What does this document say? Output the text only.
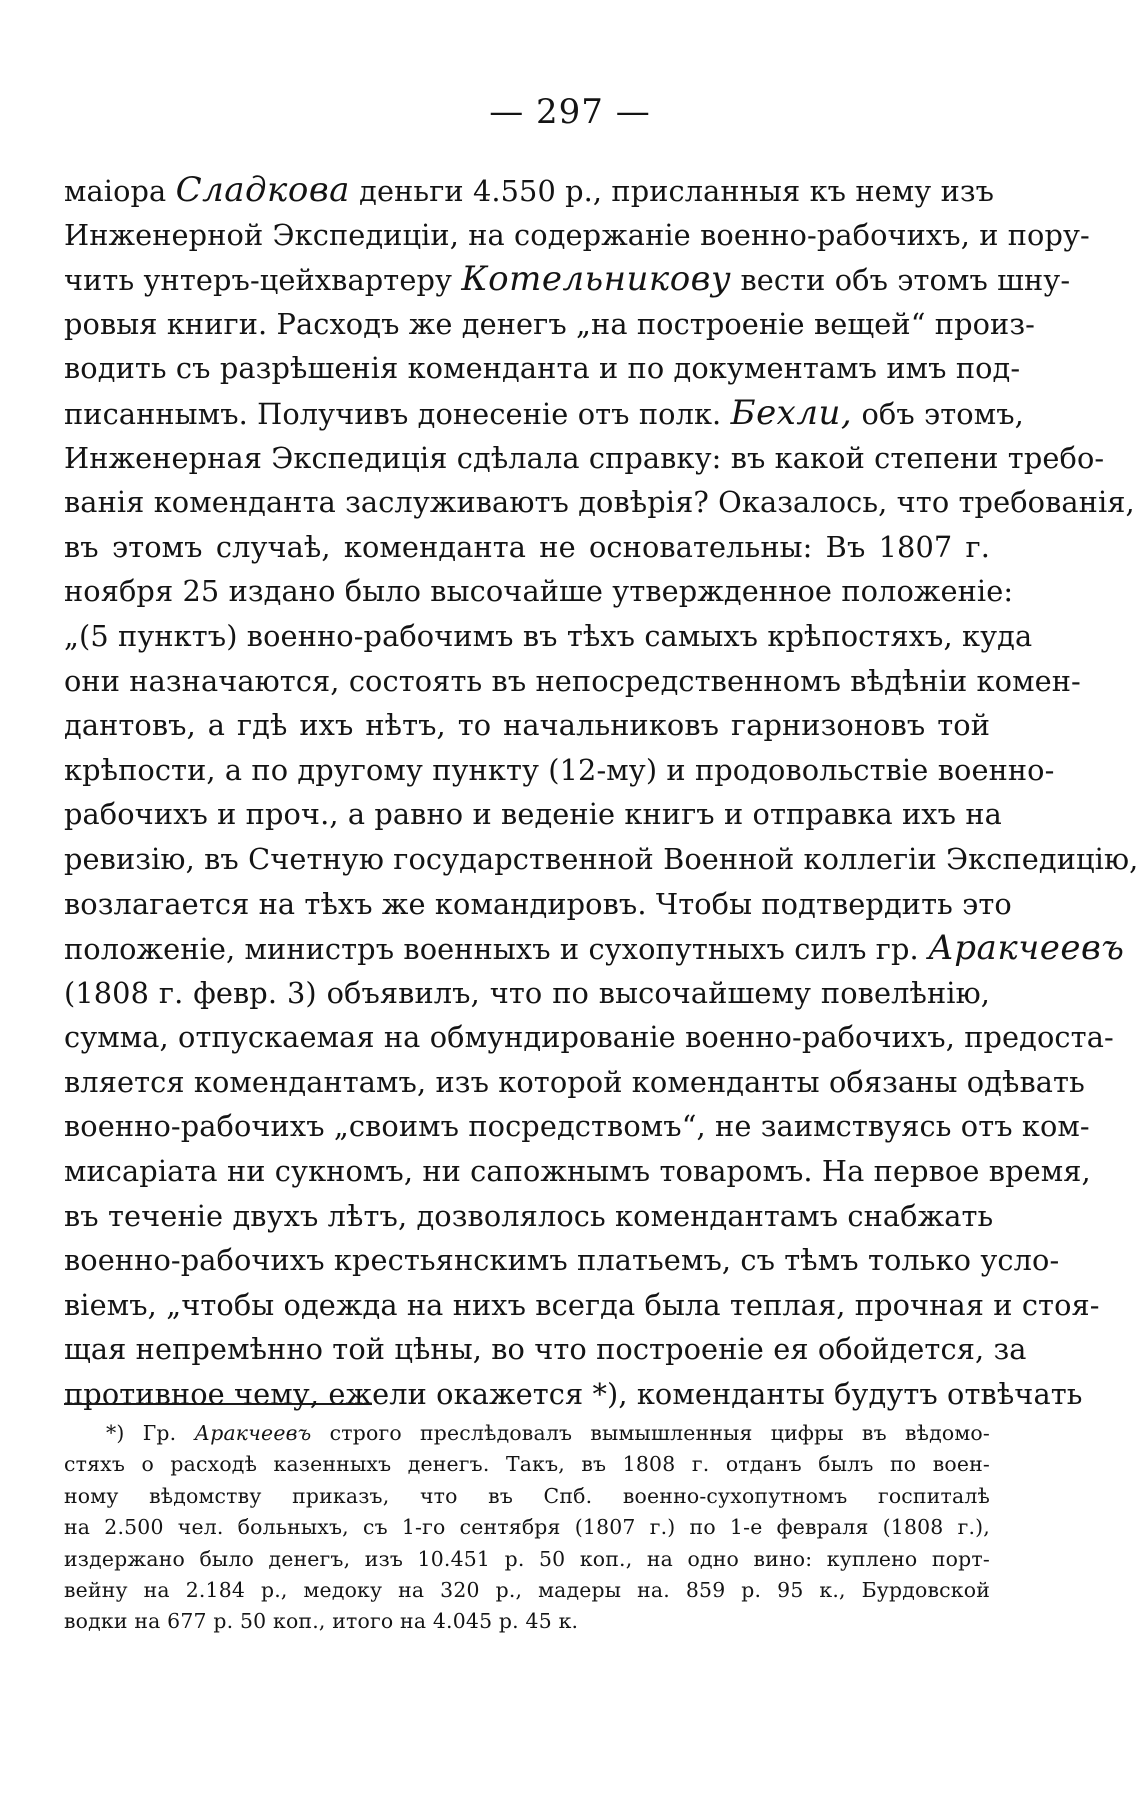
— 297 —
маіора Сладкова деньги 4.550 р., присланныя къ нему изъ
Инженерной Экспедиціи, на содержаніе военно-рабочихъ, и пору-
чить унтеръ-цейхвартеру Котельникову вести объ этомъ шну-
ровыя книги. Расходъ же денегъ „на построеніе вещей“ произ-
водить съ разрѣшенія коменданта и по документамъ имъ под-
писаннымъ. Получивъ донесеніе отъ полк. Бехли, объ этомъ,
Инженерная Экспедиція сдѣлала справку: въ какой степени требо-
ванія коменданта заслуживаютъ довѣрія? Оказалось, что требованія,
въ этомъ случаѣ, коменданта не основательны: Въ 1807 г.
ноября 25 издано было высочайше утвержденное положеніе:
„(5 пунктъ) военно-рабочимъ въ тѣхъ самыхъ крѣпостяхъ, куда
они назначаются, состоять въ непосредственномъ вѣдѣніи комен-
дантовъ, а гдѣ ихъ нѣтъ, то начальниковъ гарнизоновъ той
крѣпости, а по другому пункту (12-му) и продовольствіе военно-
рабочихъ и проч., а равно и веденіе книгъ и отправка ихъ на
ревизію, въ Счетную государственной Военной коллегіи Экспедицію,
возлагается на тѣхъ же командировъ. Чтобы подтвердить это
положеніе, министръ военныхъ и сухопутныхъ силъ гр. Аракчеевъ
(1808 г. февр. 3) объявилъ, что по высочайшему повелѣнію,
сумма, отпускаемая на обмундированіе военно-рабочихъ, предоста-
вляется комендантамъ, изъ которой коменданты обязаны одѣвать
военно-рабочихъ „своимъ посредствомъ“, не заимствуясь отъ ком-
мисаріата ни сукномъ, ни сапожнымъ товаромъ. На первое время,
въ теченіе двухъ лѣтъ, дозволялось комендантамъ снабжать
военно-рабочихъ крестьянскимъ платьемъ, съ тѣмъ только усло-
віемъ, „чтобы одежда на нихъ всегда была теплая, прочная и стоя-
щая непремѣнно той цѣны, во что построеніе ея обойдется, за
противное чему, ежели окажется *), коменданты будутъ отвѣчать
*) Гр. Аракчеевъ строго преслѣдовалъ вымышленныя цифры въ вѣдомо-
стяхъ о расходѣ казенныхъ денегъ. Такъ, въ 1808 г. отданъ былъ по воен-
ному вѣдомству приказъ, что въ Спб. военно-сухопутномъ госпиталѣ
на 2.500 чел. больныхъ, съ 1-го сентября (1807 г.) по 1-е февраля (1808 г.),
издержано было денегъ, изъ 10.451 р. 50 коп., на одно вино: куплено порт-
вейну на 2.184 р., медоку на 320 р., мадеры на. 859 р. 95 к., Бурдовской
водки на 677 р. 50 коп., итого на 4.045 р. 45 к.
